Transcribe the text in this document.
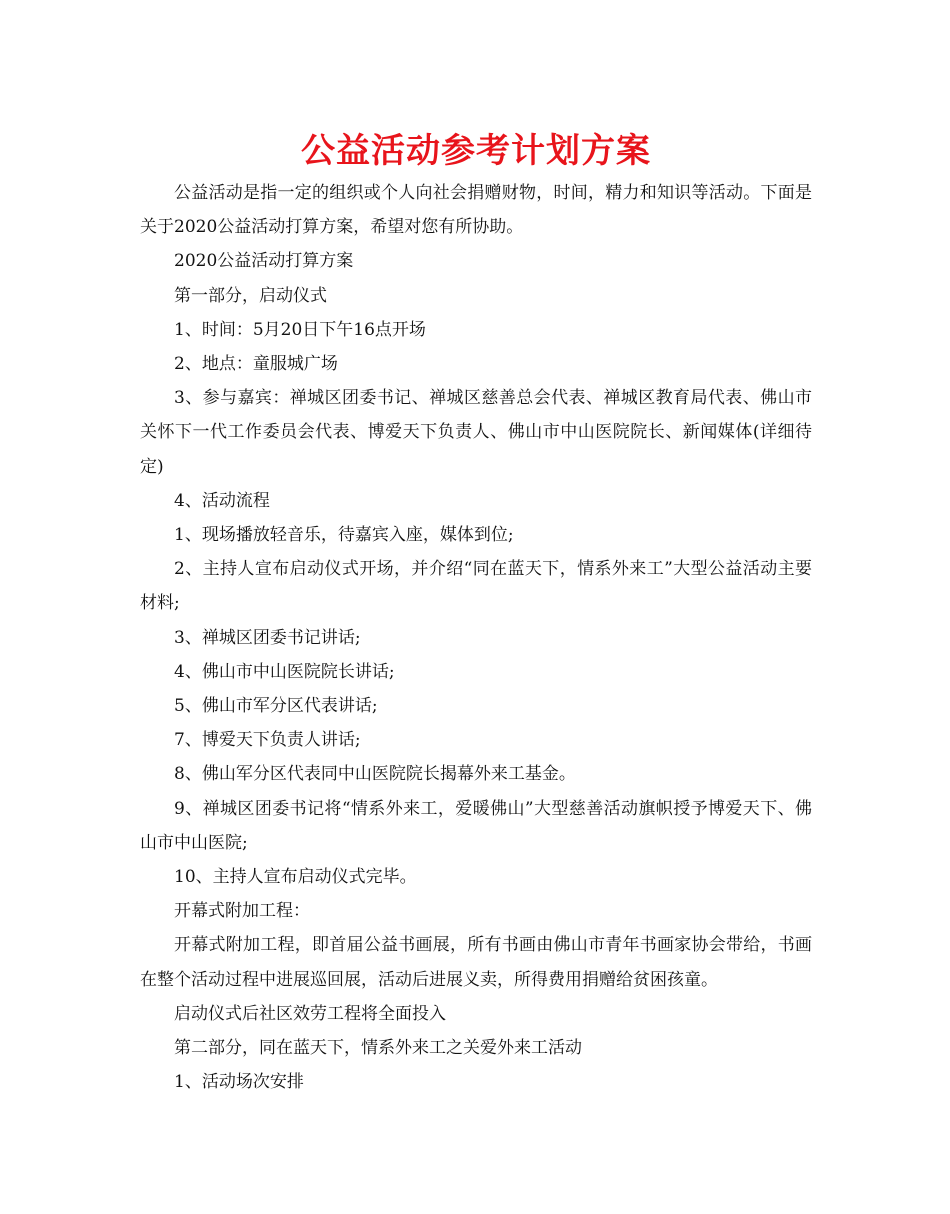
公益活动参考计划方案

公益活动是指一定的组织或个人向社会捐赠财物，时间，精力和知识等活动。下面是关于2020公益活动打算方案，希望对您有所协助。

2020公益活动打算方案

第一部分，启动仪式

1、时间：5月20日下午16点开场

2、地点：童服城广场

3、参与嘉宾：禅城区团委书记、禅城区慈善总会代表、禅城区教育局代表、佛山市关怀下一代工作委员会代表、博爱天下负责人、佛山市中山医院院长、新闻媒体(详细待定)

4、活动流程

1、现场播放轻音乐，待嘉宾入座，媒体到位;

2、主持人宣布启动仪式开场，并介绍“同在蓝天下，情系外来工”大型公益活动主要材料;

3、禅城区团委书记讲话;

4、佛山市中山医院院长讲话;

5、佛山市军分区代表讲话;

7、博爱天下负责人讲话;

8、佛山军分区代表同中山医院院长揭幕外来工基金。

9、禅城区团委书记将“情系外来工，爱暖佛山”大型慈善活动旗帜授予博爱天下、佛山市中山医院;

10、主持人宣布启动仪式完毕。

开幕式附加工程：

开幕式附加工程，即首届公益书画展，所有书画由佛山市青年书画家协会带给，书画在整个活动过程中进展巡回展，活动后进展义卖，所得费用捐赠给贫困孩童。

启动仪式后社区效劳工程将全面投入

第二部分，同在蓝天下，情系外来工之关爱外来工活动

1、活动场次安排
